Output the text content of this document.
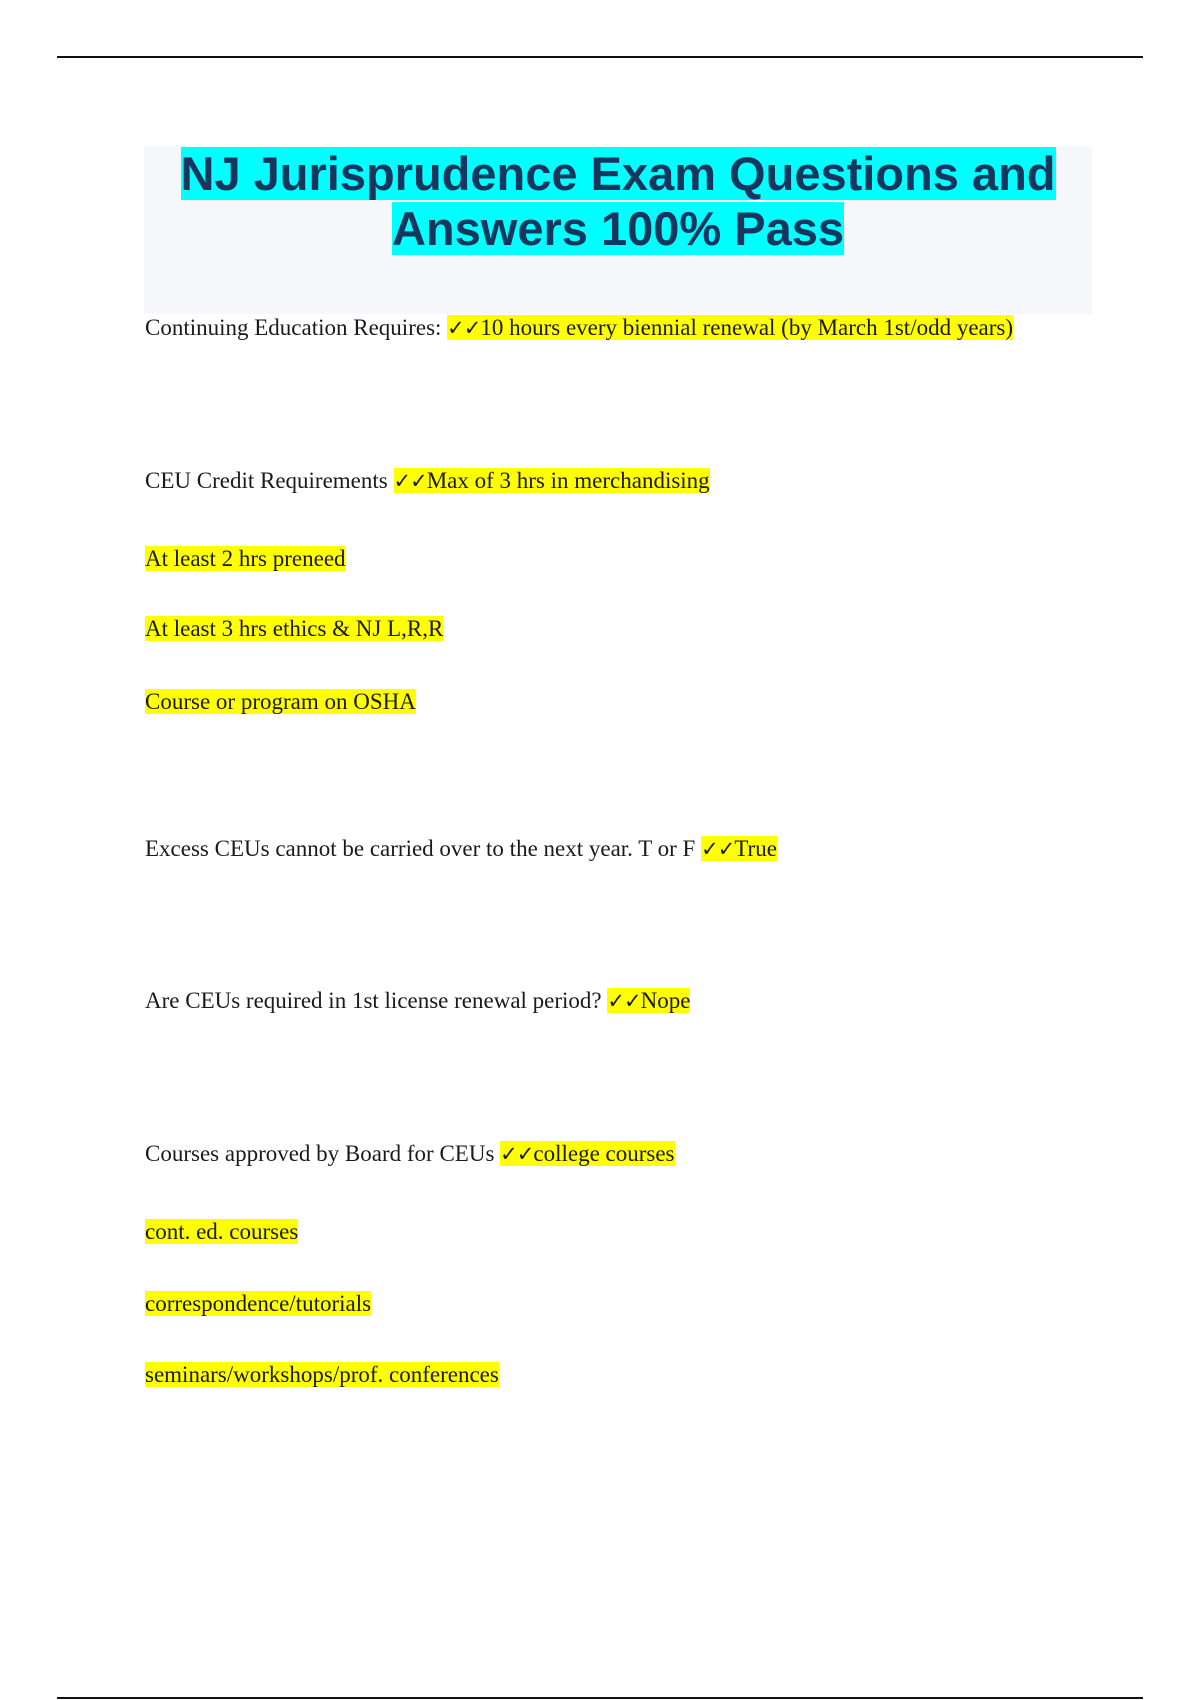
NJ Jurisprudence Exam Questions and
Answers 100% Pass
Continuing Education Requires: ✓✓10 hours every biennial renewal (by March 1st/odd years)
CEU Credit Requirements ✓✓Max of 3 hrs in merchandising
At least 2 hrs preneed
At least 3 hrs ethics & NJ L,R,R
Course or program on OSHA
Excess CEUs cannot be carried over to the next year. T or F ✓✓True
Are CEUs required in 1st license renewal period? ✓✓Nope
Courses approved by Board for CEUs ✓✓college courses
cont. ed. courses
correspondence/tutorials
seminars/workshops/prof. conferences
